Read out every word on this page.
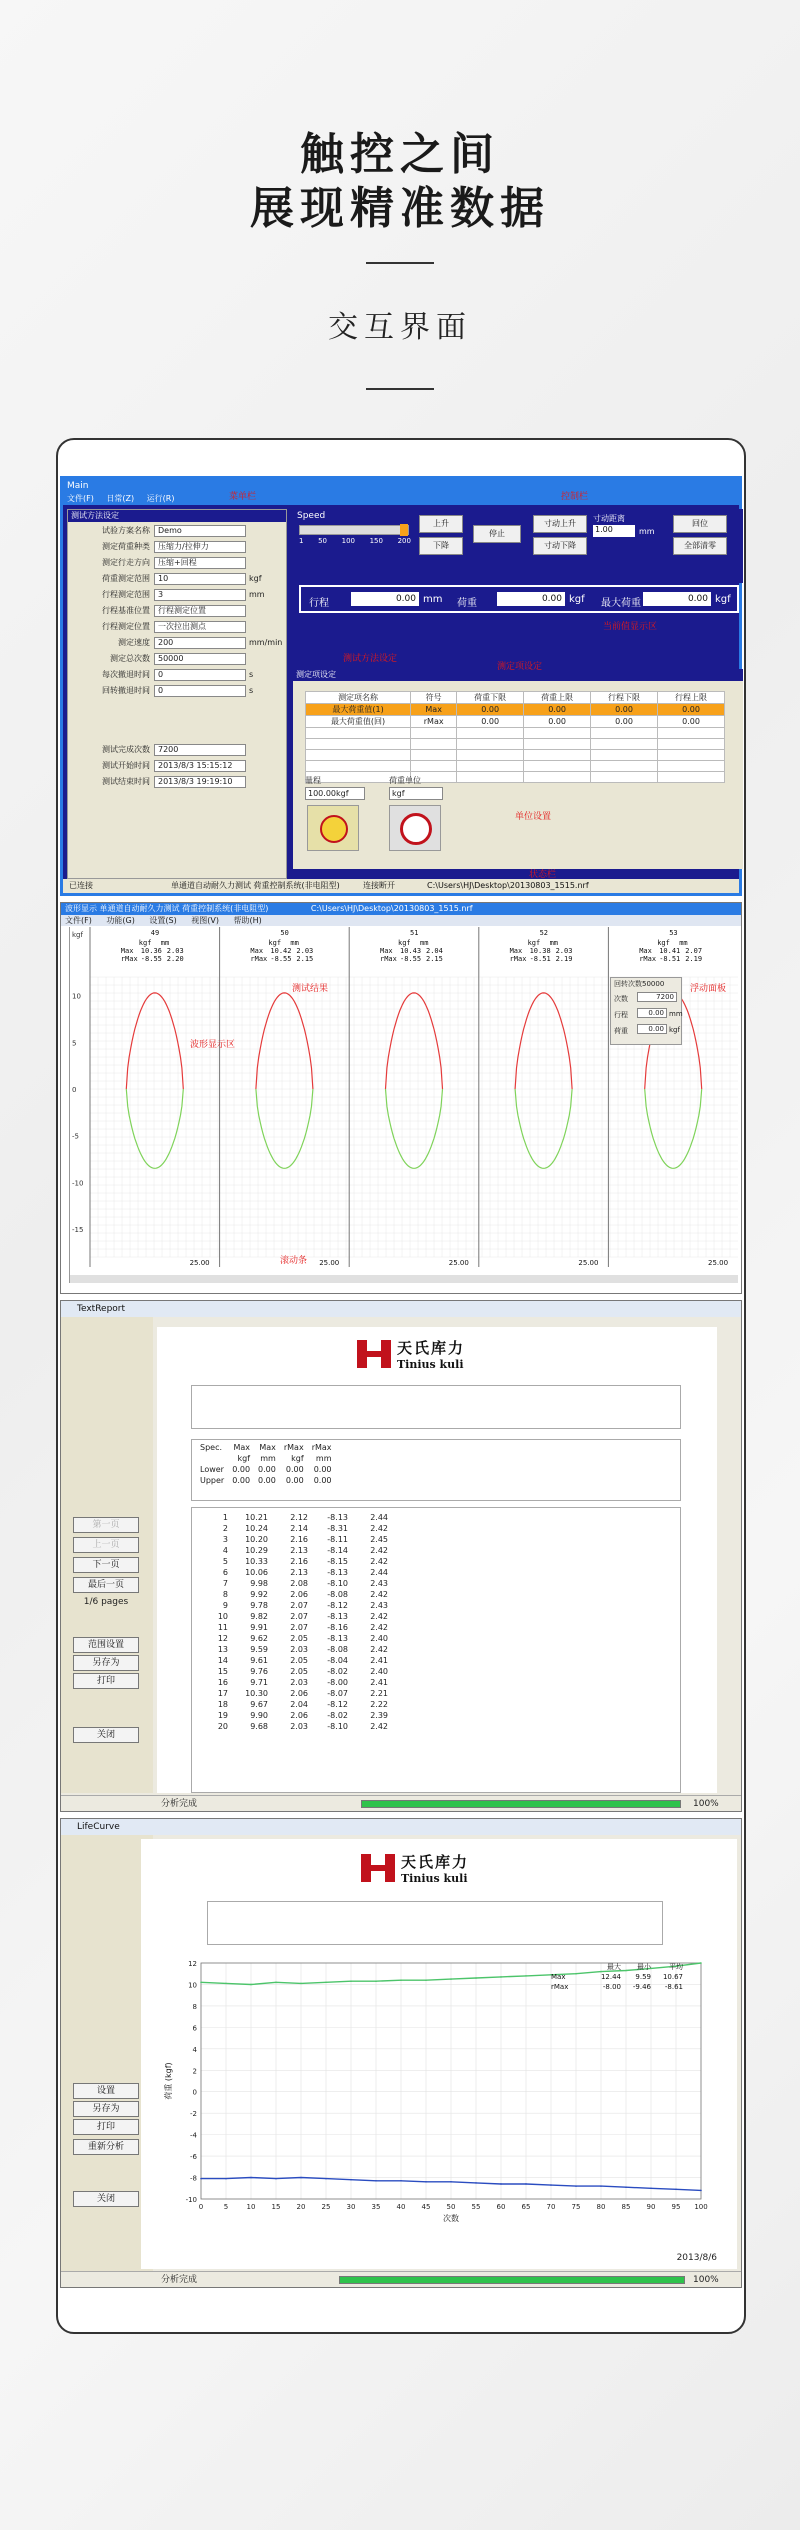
触控之间
展现精准数据
交互界面
Main
文件(F) 日常(Z) 运行(R)
测试方法设定
试验方案名称	Demo
测定荷重种类	压缩力/拉伸力
测定行走方向	压缩+回程
荷重测定范围	10	kgf
行程测定范围	3	mm
行程基准位置	行程测定位置
行程测定位置	一次拉出测点
测定速度	200	mm/min
测定总次数	50000
每次撤退时间	0	s
回转撤退时间	0	s
测试完成次数	7200
测试开始时间	2013/8/3 15:15:12
测试结束时间	2013/8/3 19:19:10
Speed
1 50 100 150 200
上升
下降
停止
寸动上升
寸动下降
寸动距离
1.00	mm
回位
全部清零
行程	0.00 mm 荷重	0.00 kgf 最大荷重	0.00 kgf
测定项设定
测定项名称	符号	荷重下限	荷重上限	行程下限	行程上限
最大荷重值(1)	Max	0.00	0.00	0.00	0.00
最大荷重值(回)	rMax	0.00	0.00	0.00	0.00

量程
100.00kgf
荷重单位
kgf
已连接	单通道自动耐久力测试 荷重控制系统(非电阻型)	连接断开	C:\Users\HJ\Desktop\20130803_1515.nrf
菜单栏	控制栏
当前值显示区
测试方法设定
测定项设定
单位设置
状态栏
波形显示 单通道自动耐久力测试 荷重控制系统(非电阻型)	C:\Users\HJ\Desktop\20130803_1515.nrf
文件(F) 功能(G) 设置(S) 视图(V) 帮助(H)
10
5
0
-5
-10
-15
kgf	49
kgf mm
Max 10.36 2.03
rMax -8.55 2.20
25.00
50
kgf mm
Max 10.42 2.03
rMax -8.55 2.15
25.00
51
kgf mm
Max 10.43 2.04
rMax -8.55 2.15
25.00
52
kgf mm
Max 10.38 2.03
rMax -8.51 2.19
25.00
53
kgf mm
Max 10.41 2.07
rMax -8.51 2.19
25.00
回转次数50000
次数	7200
行程	0.00 mm
荷重	0.00 kgf
测试结果
波形显示区
滚动条
浮动面板
TextReport
第一页
上一页
下一页
最后一页
1/6 pages
范围设置
另存为
打印
关闭
天氏库力
Tinius kuli
Spec.	Max	Max	rMax	rMax
	kgf	mm	kgf	mm
Lower	0.00	0.00	0.00	0.00
Upper	0.00	0.00	0.00	0.00
1	10.21	2.12	-8.13	2.44
2	10.24	2.14	-8.31	2.42
3	10.20	2.16	-8.11	2.45
4	10.29	2.13	-8.14	2.42
5	10.33	2.16	-8.15	2.42
6	10.06	2.13	-8.13	2.44
7	9.98	2.08	-8.10	2.43
8	9.92	2.06	-8.08	2.42
9	9.78	2.07	-8.12	2.43
10	9.82	2.07	-8.13	2.42
11	9.91	2.07	-8.16	2.42
12	9.62	2.05	-8.13	2.40
13	9.59	2.03	-8.08	2.42
14	9.61	2.05	-8.04	2.41
15	9.76	2.05	-8.02	2.40
16	9.71	2.03	-8.00	2.41
17	10.30	2.06	-8.07	2.21
18	9.67	2.04	-8.12	2.22
19	9.90	2.06	-8.02	2.39
20	9.68	2.03	-8.10	2.42
分析完成	100%
LifeCurve
设置
另存为
打印
重新分析
关闭
天氏库力
Tinius kuli
0	5	10 15 20 25 30 35 40 45 50 55 60 65 70 75 80 85 90 95 100
12
10
8
6
4
2
0
-2
-4
-6
-8
-10
次数
荷重 (kgf)
最大 最小	平均
Max	12.44 9.59 10.67
rMax	-8.00 -9.46 -8.61
2013/8/6
分析完成	100%
